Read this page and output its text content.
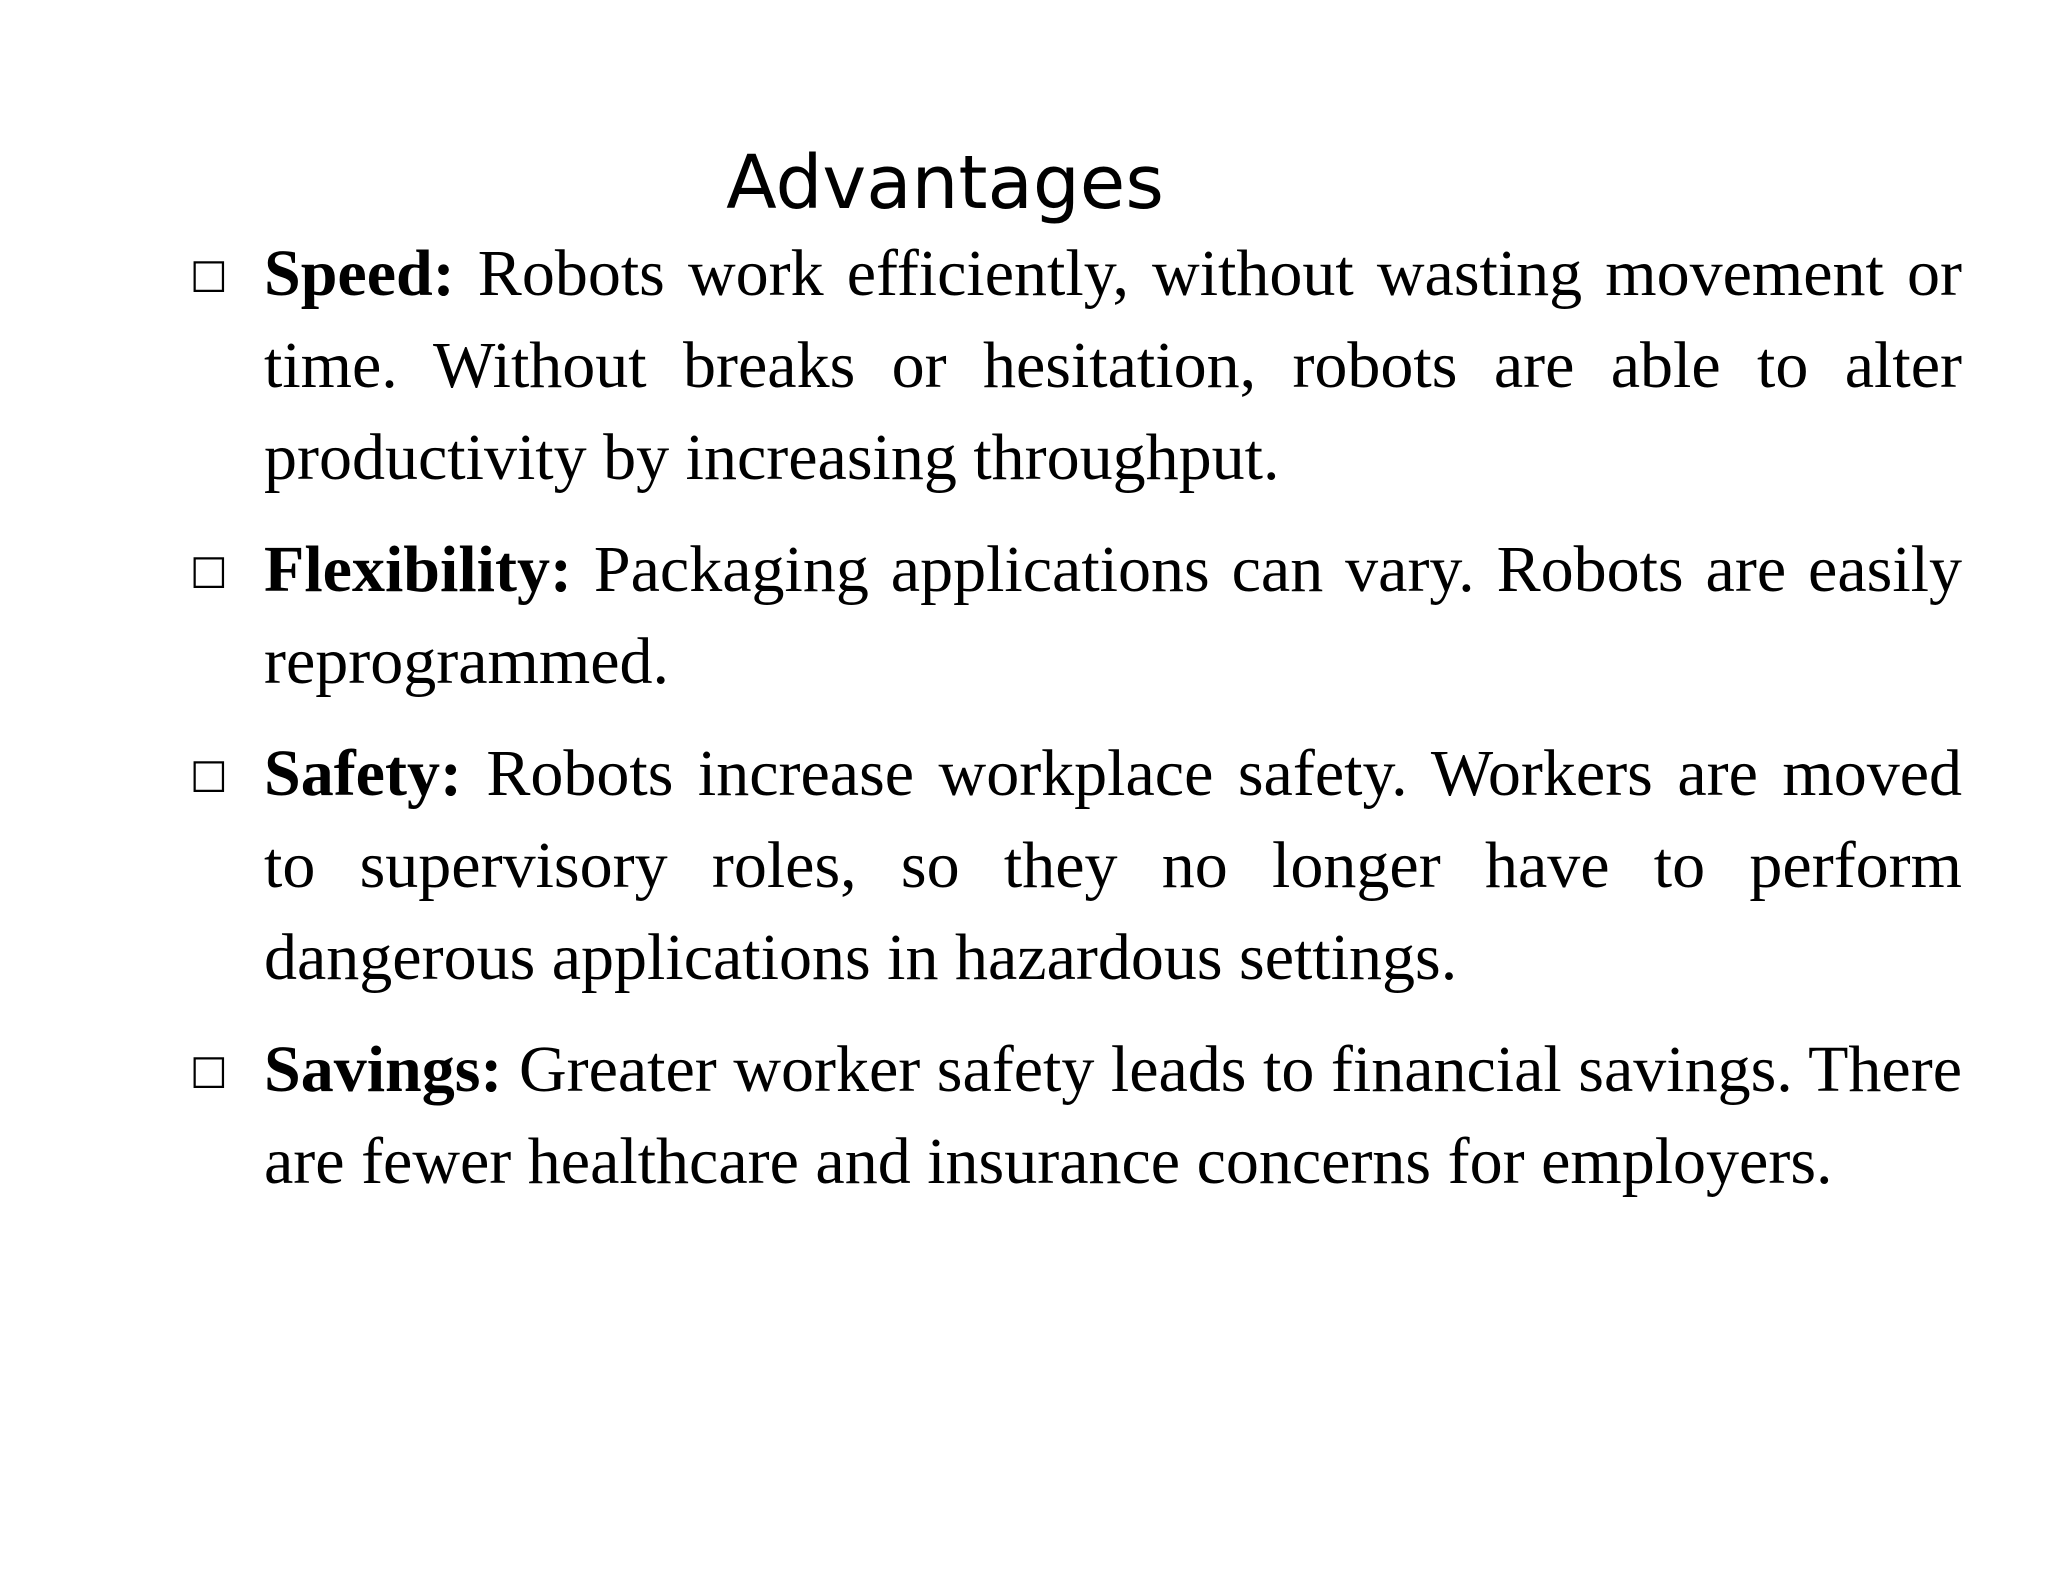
Advantages
□ Speed: Robots work efficiently, without wasting movement or time. Without breaks or hesitation, robots are able to alter productivity by increasing throughput.
□ Flexibility: Packaging applications can vary. Robots are easily reprogrammed.
□ Safety: Robots increase workplace safety. Workers are moved to supervisory roles, so they no longer have to perform dangerous applications in hazardous settings.
□ Savings: Greater worker safety leads to financial savings. There are fewer healthcare and insurance concerns for employers.
